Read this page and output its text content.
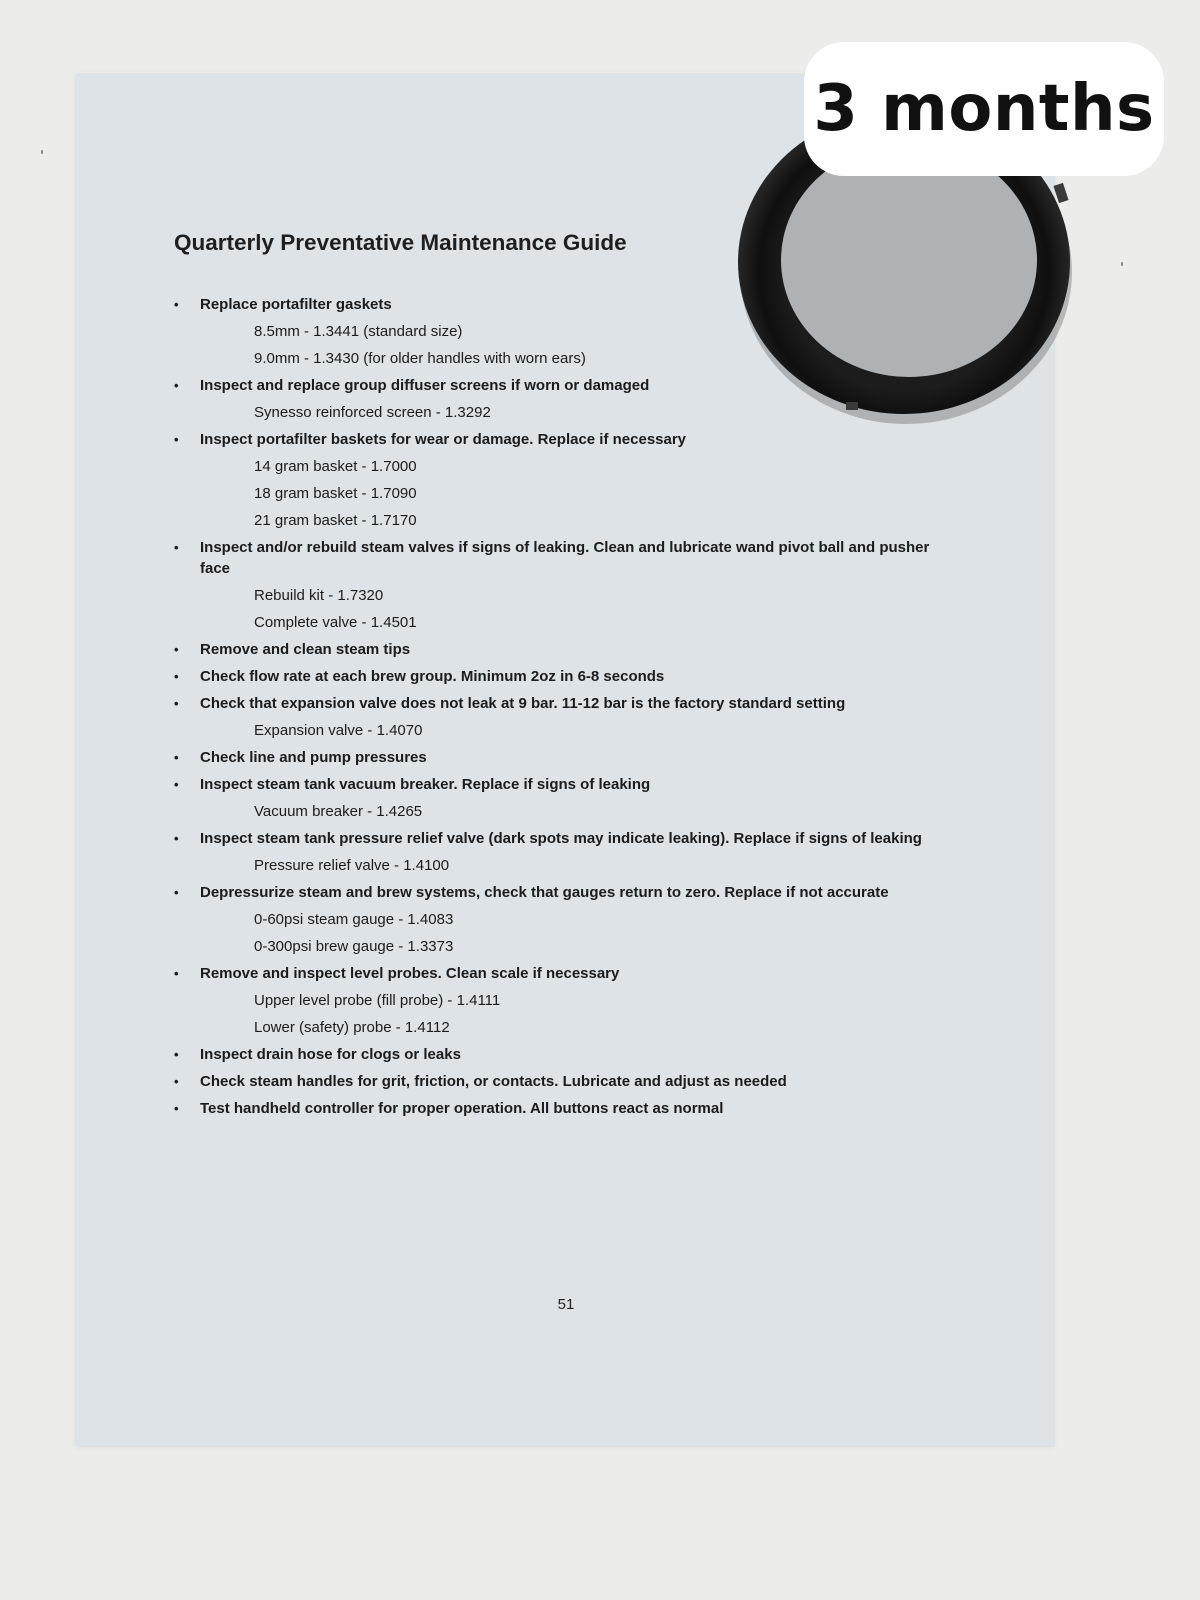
3 months
Quarterly Preventative Maintenance Guide
• Replace portafilter gaskets
8.5mm - 1.3441 (standard size)
9.0mm - 1.3430 (for older handles with worn ears)
• Inspect and replace group diffuser screens if worn or damaged
Synesso reinforced screen - 1.3292
• Inspect portafilter baskets for wear or damage. Replace if necessary
14 gram basket - 1.7000
18 gram basket - 1.7090
21 gram basket - 1.7170
• Inspect and/or rebuild steam valves if signs of leaking. Clean and lubricate wand pivot ball and pusher face
Rebuild kit - 1.7320
Complete valve - 1.4501
• Remove and clean steam tips
• Check flow rate at each brew group. Minimum 2oz in 6-8 seconds
• Check that expansion valve does not leak at 9 bar. 11-12 bar is the factory standard setting
Expansion valve - 1.4070
• Check line and pump pressures
• Inspect steam tank vacuum breaker. Replace if signs of leaking
Vacuum breaker - 1.4265
• Inspect steam tank pressure relief valve (dark spots may indicate leaking). Replace if signs of leaking
Pressure relief valve - 1.4100
• Depressurize steam and brew systems, check that gauges return to zero. Replace if not accurate
0-60psi steam gauge - 1.4083
0-300psi brew gauge - 1.3373
• Remove and inspect level probes. Clean scale if necessary
Upper level probe (fill probe) - 1.4111
Lower (safety) probe - 1.4112
• Inspect drain hose for clogs or leaks
• Check steam handles for grit, friction, or contacts. Lubricate and adjust as needed
• Test handheld controller for proper operation. All buttons react as normal
51
